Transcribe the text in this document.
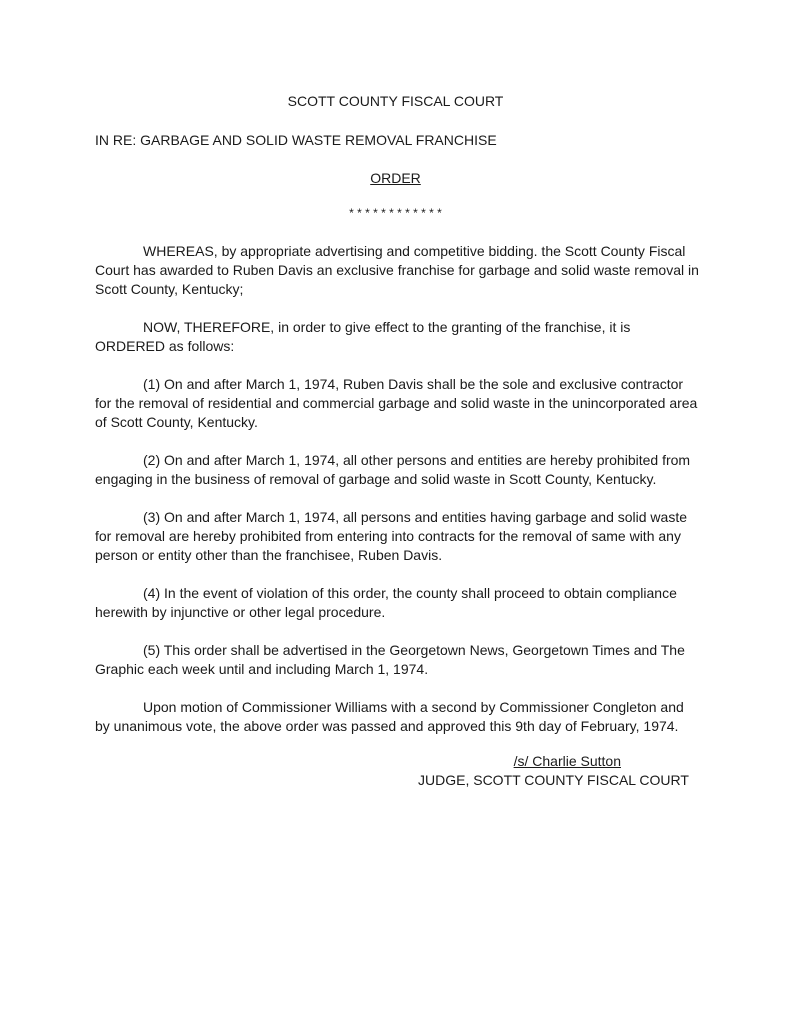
SCOTT COUNTY FISCAL COURT

IN RE: GARBAGE AND SOLID WASTE REMOVAL FRANCHISE

ORDER

* * * * * * * * * * * *

WHEREAS, by appropriate advertising and competitive bidding. the Scott County Fiscal Court has awarded to Ruben Davis an exclusive franchise for garbage and solid waste removal in Scott County, Kentucky;

NOW, THEREFORE, in order to give effect to the granting of the franchise, it is ORDERED as follows:

(1) On and after March 1, 1974, Ruben Davis shall be the sole and exclusive contractor for the removal of residential and commercial garbage and solid waste in the unincorporated area of Scott County, Kentucky.

(2) On and after March 1, 1974, all other persons and entities are hereby prohibited from engaging in the business of removal of garbage and solid waste in Scott County, Kentucky.

(3) On and after March 1, 1974, all persons and entities having garbage and solid waste for removal are hereby prohibited from entering into contracts for the removal of same with any person or entity other than the franchisee, Ruben Davis.

(4) In the event of violation of this order, the county shall proceed to obtain compliance herewith by injunctive or other legal procedure.

(5) This order shall be advertised in the Georgetown News, Georgetown Times and The Graphic each week until and including March 1, 1974.

Upon motion of Commissioner Williams with a second by Commissioner Congleton and by unanimous vote, the above order was passed and approved this 9th day of February, 1974.

/s/ Charlie Sutton
JUDGE, SCOTT COUNTY FISCAL COURT
